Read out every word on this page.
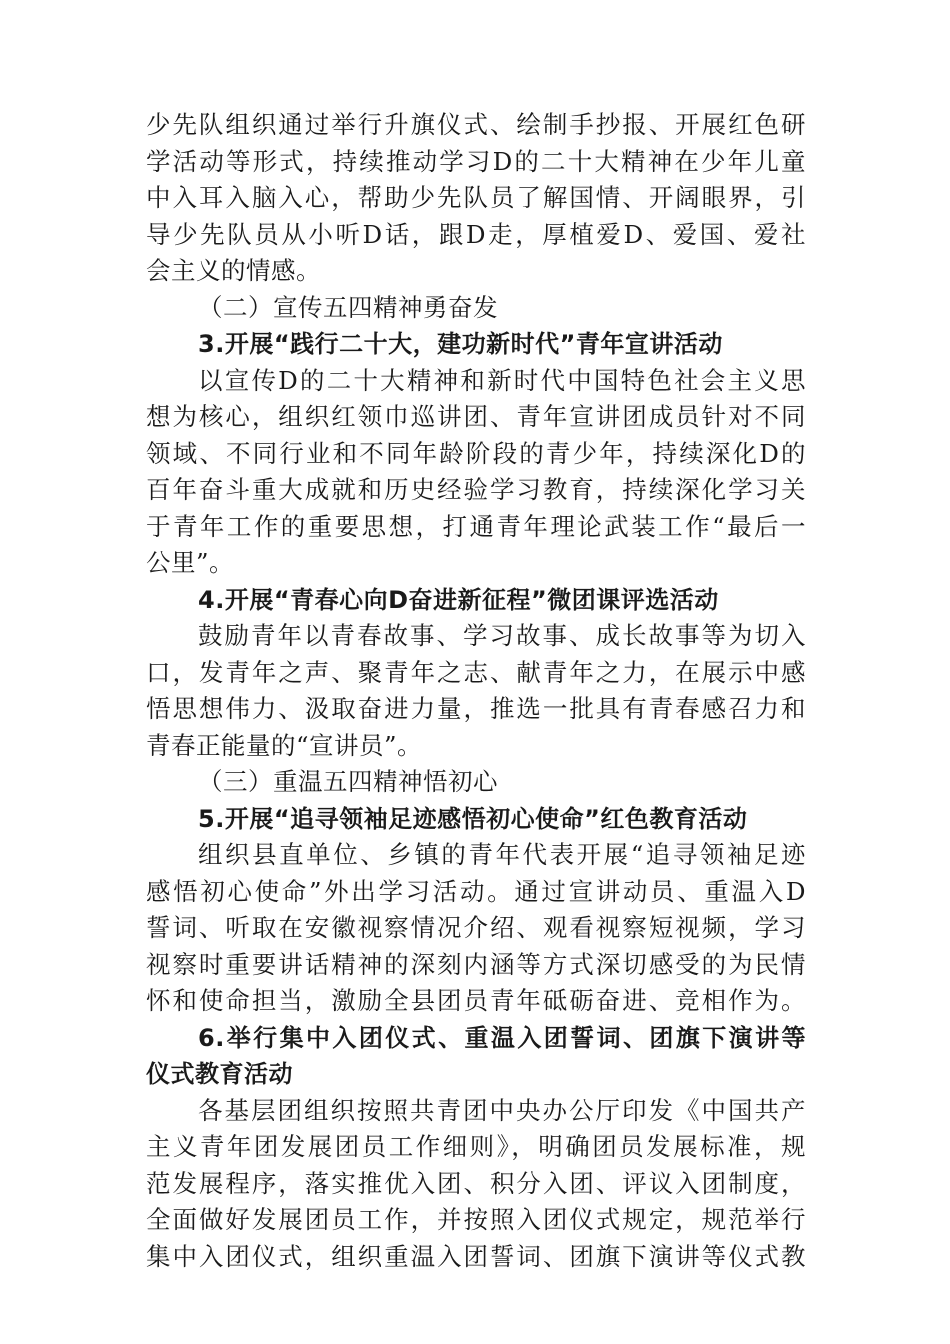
少先队组织通过举行升旗仪式、绘制手抄报、开展红色研
学活动等形式，持续推动学习D的二十大精神在少年儿童
中入耳入脑入心，帮助少先队员了解国情、开阔眼界，引
导少先队员从小听D话，跟D走，厚植爱D、爱国、爱社
会主义的情感。
（二）宣传五四精神勇奋发
3.开展“践行二十大，建功新时代”青年宣讲活动
以宣传D的二十大精神和新时代中国特色社会主义思
想为核心，组织红领巾巡讲团、青年宣讲团成员针对不同
领域、不同行业和不同年龄阶段的青少年，持续深化D的
百年奋斗重大成就和历史经验学习教育，持续深化学习关
于青年工作的重要思想，打通青年理论武装工作“最后一
公里”。
4.开展“青春心向D奋进新征程”微团课评选活动
鼓励青年以青春故事、学习故事、成长故事等为切入
口，发青年之声、聚青年之志、献青年之力，在展示中感
悟思想伟力、汲取奋进力量，推选一批具有青春感召力和
青春正能量的“宣讲员”。
（三）重温五四精神悟初心
5.开展“追寻领袖足迹感悟初心使命”红色教育活动
组织县直单位、乡镇的青年代表开展“追寻领袖足迹
感悟初心使命”外出学习活动。通过宣讲动员、重温入D
誓词、听取在安徽视察情况介绍、观看视察短视频，学习
视察时重要讲话精神的深刻内涵等方式深切感受的为民情
怀和使命担当，激励全县团员青年砥砺奋进、竞相作为。
6.举行集中入团仪式、重温入团誓词、团旗下演讲等
仪式教育活动
各基层团组织按照共青团中央办公厅印发《中国共产
主义青年团发展团员工作细则》，明确团员发展标准，规
范发展程序，落实推优入团、积分入团、评议入团制度，
全面做好发展团员工作，并按照入团仪式规定，规范举行
集中入团仪式，组织重温入团誓词、团旗下演讲等仪式教
